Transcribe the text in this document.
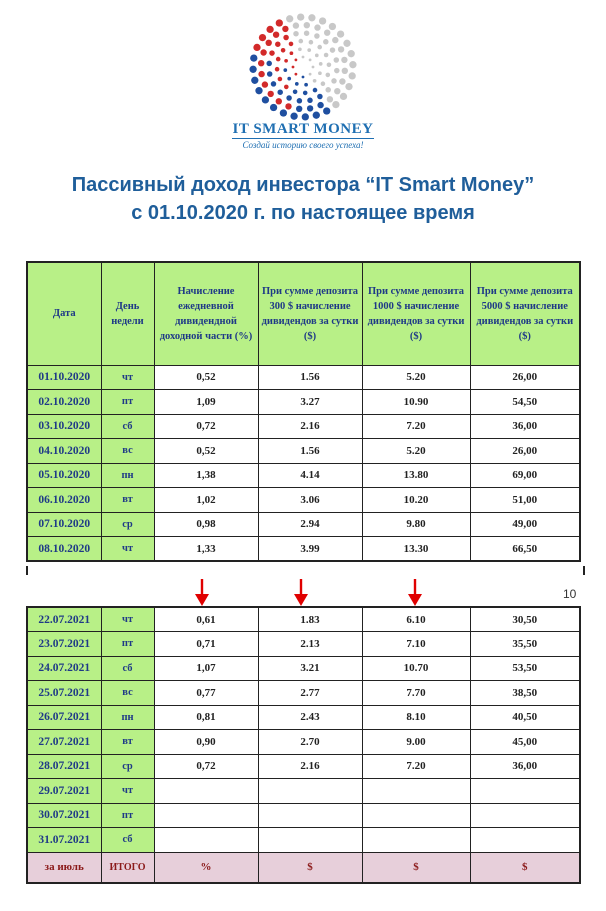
IT SMART MONEY
Создай историю своего успеха!
Пассивный доход инвестора “IT Smart Money”
с 01.10.2020 г. по настоящее время
Дата	День недели	Начисление ежедневной дивидендной доходной части (%)	При сумме депозита 300 $ начисление дивидендов за сутки ($)	При сумме депозита 1000 $ начисление дивидендов за сутки ($)	При сумме депозита 5000 $ начисление дивидендов за сутки ($)
01.10.2020	чт	0,52	1.56	5.20	26,00
02.10.2020	пт	1,09	3.27	10.90	54,50
03.10.2020	сб	0,72	2.16	7.20	36,00
04.10.2020	вс	0,52	1.56	5.20	26,00
05.10.2020	пн	1,38	4.14	13.80	69,00
06.10.2020	вт	1,02	3.06	10.20	51,00
07.10.2020	ср	0,98	2.94	9.80	49,00
08.10.2020	чт	1,33	3.99	13.30	66,50
10
22.07.2021	чт	0,61	1.83	6.10	30,50
23.07.2021	пт	0,71	2.13	7.10	35,50
24.07.2021	сб	1,07	3.21	10.70	53,50
25.07.2021	вс	0,77	2.77	7.70	38,50
26.07.2021	пн	0,81	2.43	8.10	40,50
27.07.2021	вт	0,90	2.70	9.00	45,00
28.07.2021	ср	0,72	2.16	7.20	36,00
29.07.2021	чт				
30.07.2021	пт				
31.07.2021	сб				
за июль	ИТОГО	%	$	$	$
